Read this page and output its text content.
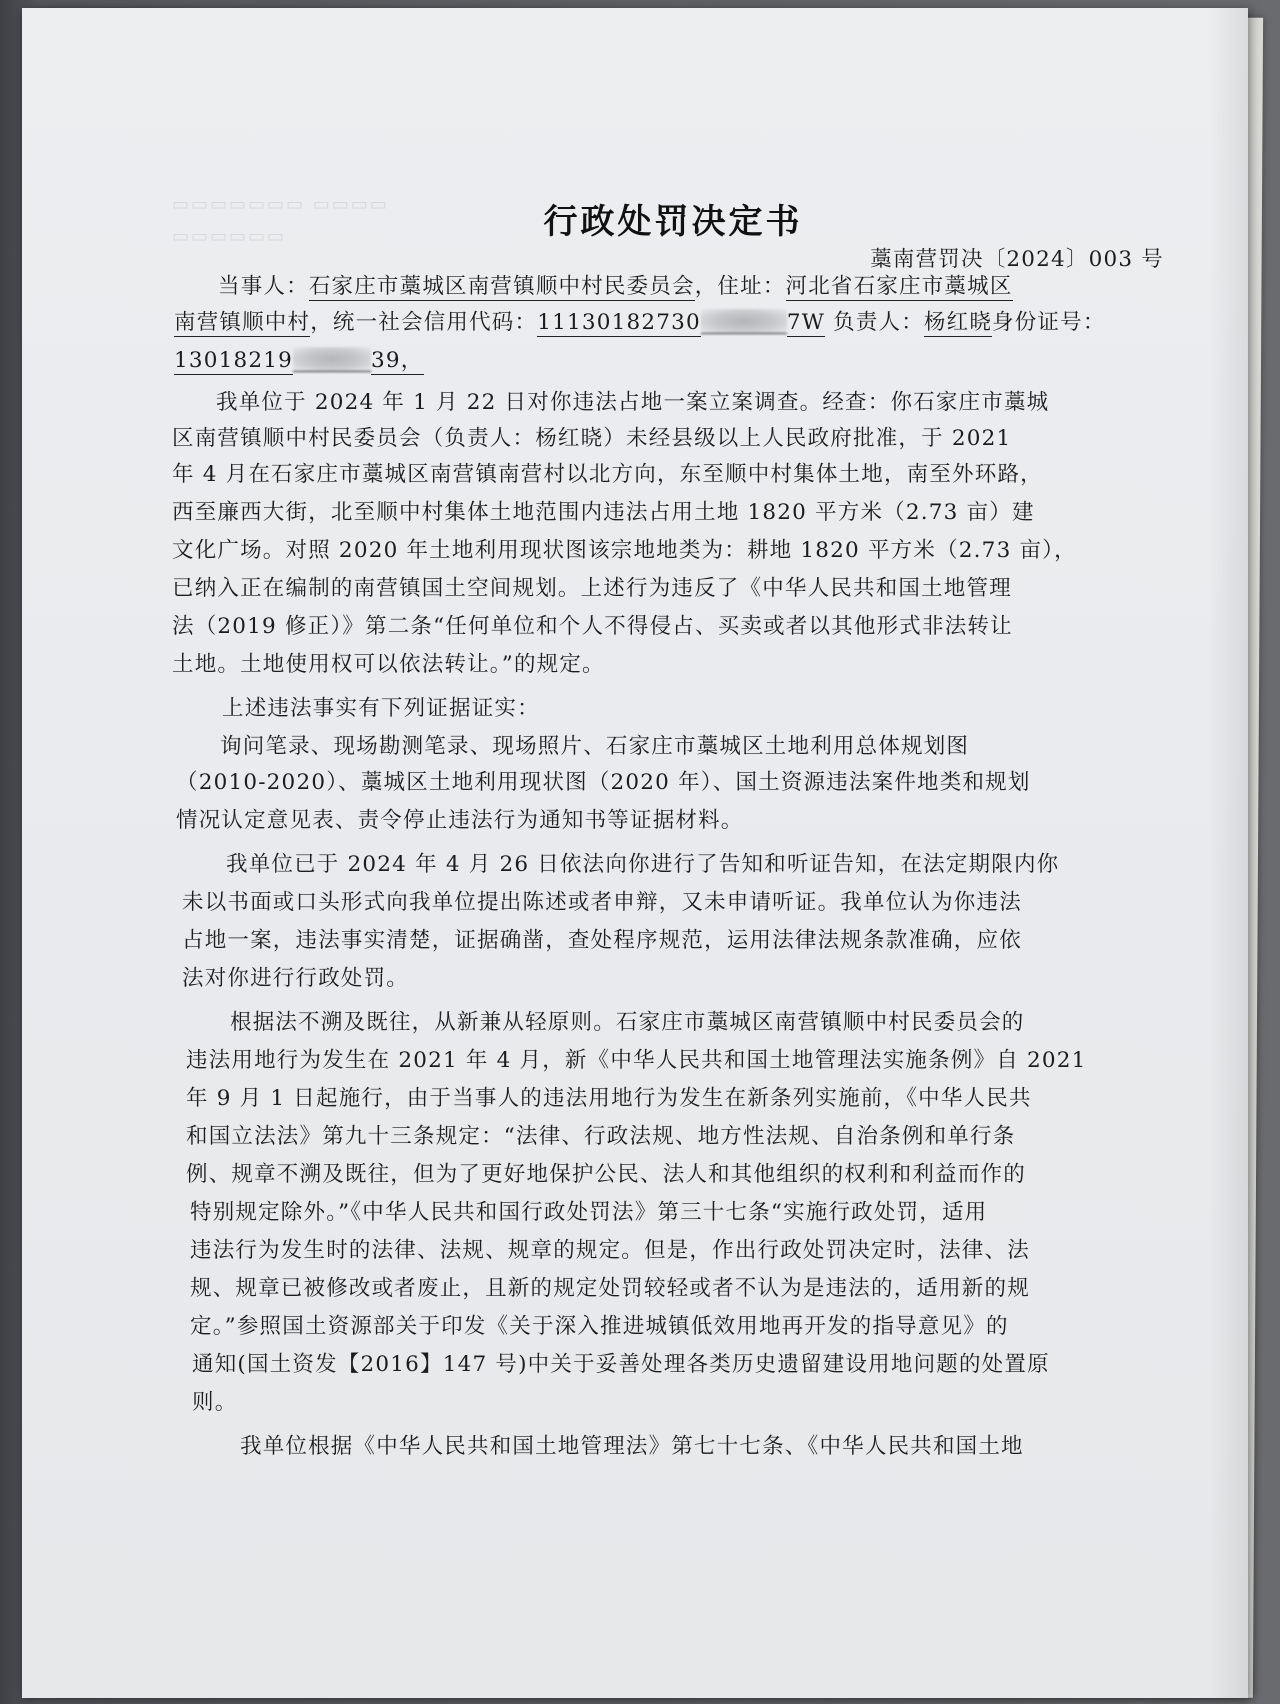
▭▭▭▭▭▭▭ ▭▭▭▭
▭▭▭▭▭▭	行政处罚决定书
藁南营罚决〔2024〕003 号
当事人：石家庄市藁城区南营镇顺中村民委员会，住址：河北省石家庄市藁城区
南营镇顺中村，统一社会信用代码：11130182730	7W 负责人：杨红晓身份证号：
13018219	39，
我单位于 2024 年 1 月 22 日对你违法占地一案立案调查。经查：你石家庄市藁城
区南营镇顺中村民委员会（负责人：杨红晓）未经县级以上人民政府批准，于 2021
年 4 月在石家庄市藁城区南营镇南营村以北方向，东至顺中村集体土地，南至外环路，
西至廉西大街，北至顺中村集体土地范围内违法占用土地 1820 平方米（2.73 亩）建
文化广场。对照 2020 年土地利用现状图该宗地地类为：耕地 1820 平方米（2.73 亩），
已纳入正在编制的南营镇国土空间规划。上述行为违反了《中华人民共和国土地管理
法（2019 修正）》第二条“任何单位和个人不得侵占、买卖或者以其他形式非法转让
土地。土地使用权可以依法转让。”的规定。
上述违法事实有下列证据证实：
询问笔录、现场勘测笔录、现场照片、石家庄市藁城区土地利用总体规划图
（2010-2020）、藁城区土地利用现状图（2020 年）、国土资源违法案件地类和规划
情况认定意见表、责令停止违法行为通知书等证据材料。
我单位已于 2024 年 4 月 26 日依法向你进行了告知和听证告知，在法定期限内你
未以书面或口头形式向我单位提出陈述或者申辩，又未申请听证。我单位认为你违法
占地一案，违法事实清楚，证据确凿，查处程序规范，运用法律法规条款准确，应依
法对你进行行政处罚。
根据法不溯及既往，从新兼从轻原则。石家庄市藁城区南营镇顺中村民委员会的
违法用地行为发生在 2021 年 4 月，新《中华人民共和国土地管理法实施条例》自 2021
年 9 月 1 日起施行，由于当事人的违法用地行为发生在新条列实施前，《中华人民共
和国立法法》第九十三条规定：“法律、行政法规、地方性法规、自治条例和单行条
例、规章不溯及既往，但为了更好地保护公民、法人和其他组织的权利和利益而作的
特别规定除外。”《中华人民共和国行政处罚法》第三十七条“实施行政处罚，适用
违法行为发生时的法律、法规、规章的规定。但是，作出行政处罚决定时，法律、法
规、规章已被修改或者废止，且新的规定处罚较轻或者不认为是违法的，适用新的规
定。”参照国土资源部关于印发《关于深入推进城镇低效用地再开发的指导意见》的
通知(国土资发【2016】147 号)中关于妥善处理各类历史遗留建设用地问题的处置原
则。
我单位根据《中华人民共和国土地管理法》第七十七条、《中华人民共和国土地
